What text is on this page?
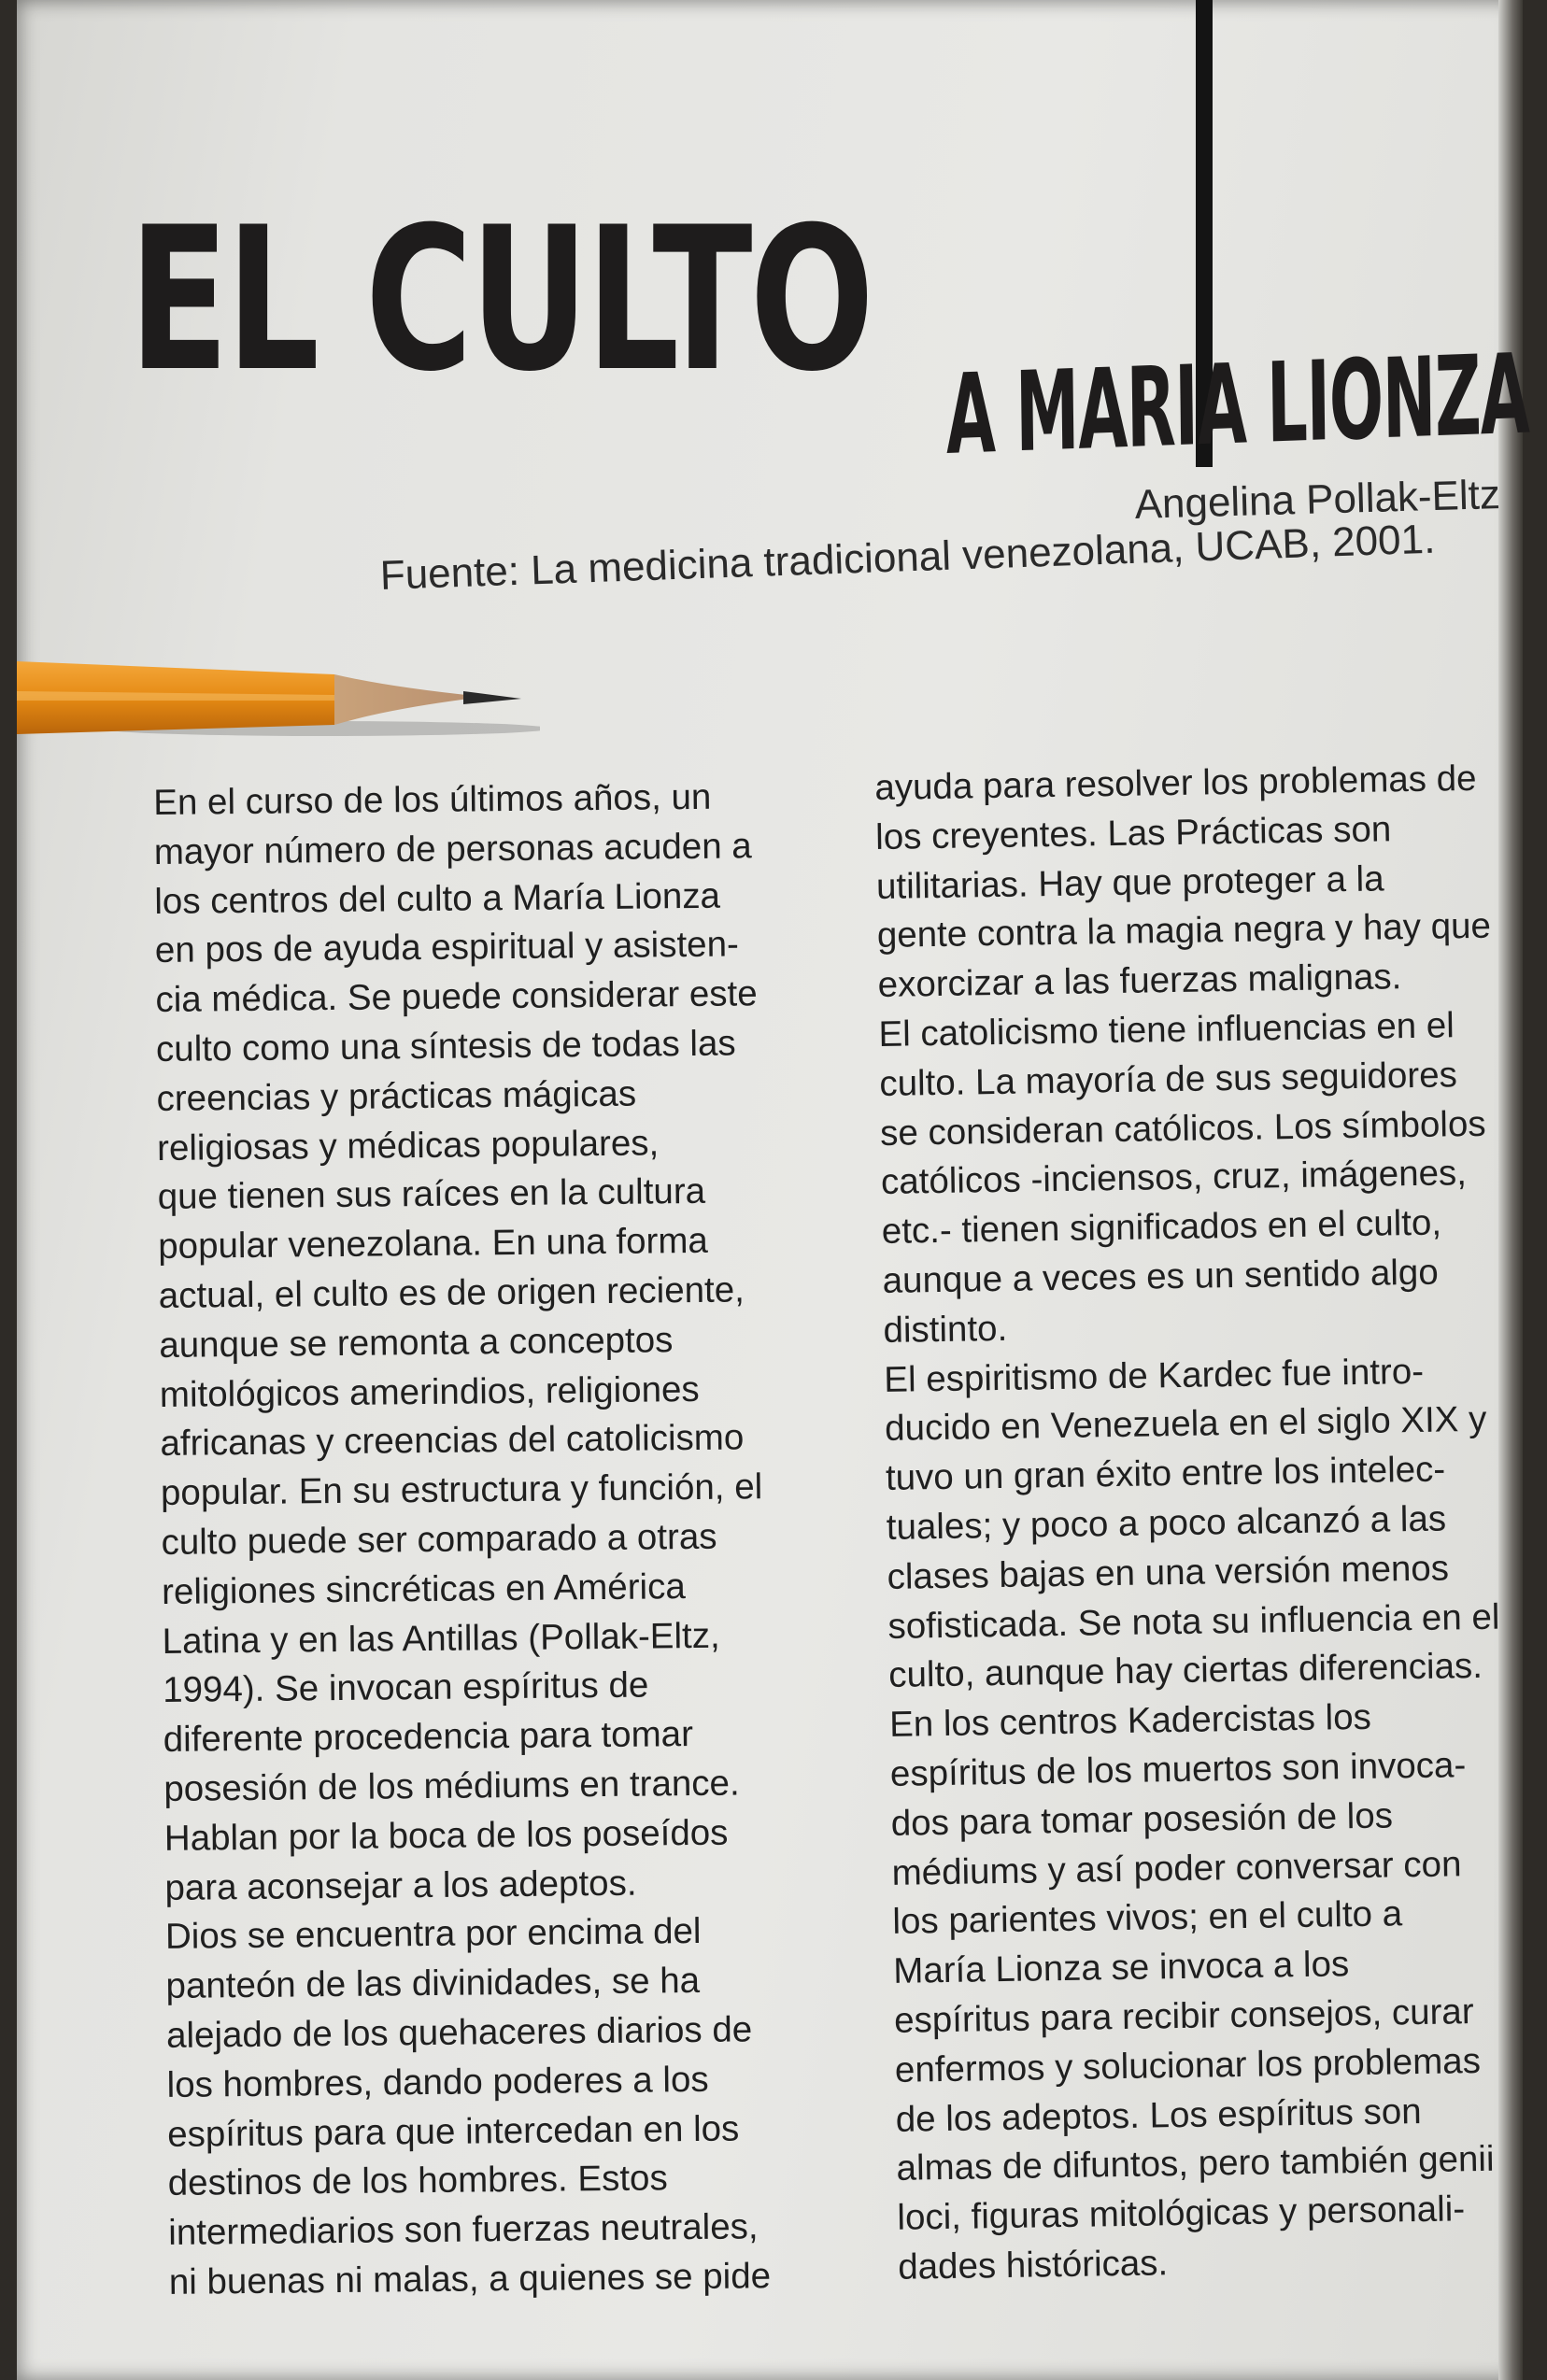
EL CULTO A MARIA LIONZA
Angelina Pollak-Eltz
Fuente: La medicina tradicional venezolana, UCAB, 2001.
En el curso de los últimos años, un
mayor número de personas acuden a
los centros del culto a María Lionza
en pos de ayuda espiritual y asisten-
cia médica. Se puede considerar este
culto como una síntesis de todas las
creencias y prácticas mágicas
religiosas y médicas populares,
que tienen sus raíces en la cultura
popular venezolana. En una forma
actual, el culto es de origen reciente,
aunque se remonta a conceptos
mitológicos amerindios, religiones
africanas y creencias del catolicismo
popular. En su estructura y función, el
culto puede ser comparado a otras
religiones sincréticas en América
Latina y en las Antillas (Pollak-Eltz,
1994). Se invocan espíritus de
diferente procedencia para tomar
posesión de los médiums en trance.
Hablan por la boca de los poseídos
para aconsejar a los adeptos.
Dios se encuentra por encima del
panteón de las divinidades, se ha
alejado de los quehaceres diarios de
los hombres, dando poderes a los
espíritus para que intercedan en los
destinos de los hombres. Estos
intermediarios son fuerzas neutrales,
ni buenas ni malas, a quienes se pide
ayuda para resolver los problemas de
los creyentes. Las Prácticas son
utilitarias. Hay que proteger a la
gente contra la magia negra y hay que
exorcizar a las fuerzas malignas.
El catolicismo tiene influencias en el
culto. La mayoría de sus seguidores
se consideran católicos. Los símbolos
católicos -inciensos, cruz, imágenes,
etc.- tienen significados en el culto,
aunque a veces es un sentido algo
distinto.
El espiritismo de Kardec fue intro-
ducido en Venezuela en el siglo XIX y
tuvo un gran éxito entre los intelec-
tuales; y poco a poco alcanzó a las
clases bajas en una versión menos
sofisticada. Se nota su influencia en el
culto, aunque hay ciertas diferencias.
En los centros Kadercistas los
espíritus de los muertos son invoca-
dos para tomar posesión de los
médiums y así poder conversar con
los parientes vivos; en el culto a
María Lionza se invoca a los
espíritus para recibir consejos, curar
enfermos y solucionar los problemas
de los adeptos. Los espíritus son
almas de difuntos, pero también genii
loci, figuras mitológicas y personali-
dades históricas.
